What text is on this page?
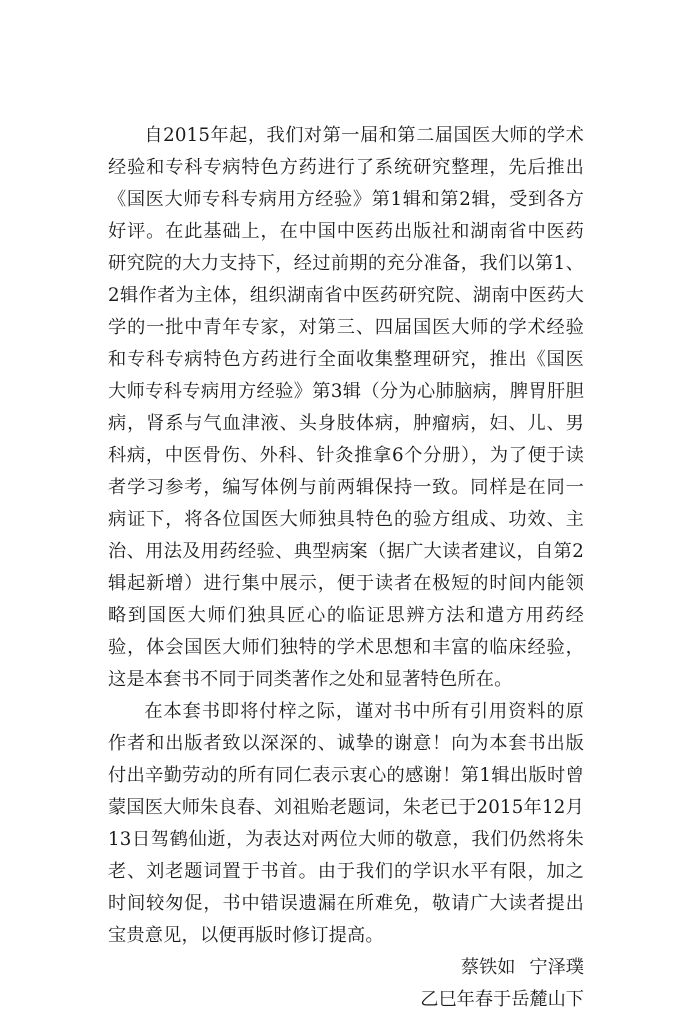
自2015年起，我们对第一届和第二届国医大师的学术经验和专科专病特色方药进行了系统研究整理，先后推出《国医大师专科专病用方经验》第1辑和第2辑，受到各方好评。在此基础上，在中国中医药出版社和湖南省中医药研究院的大力支持下，经过前期的充分准备，我们以第1、2辑作者为主体，组织湖南省中医药研究院、湖南中医药大学的一批中青年专家，对第三、四届国医大师的学术经验和专科专病特色方药进行全面收集整理研究，推出《国医大师专科专病用方经验》第3辑（分为心肺脑病，脾胃肝胆病，肾系与气血津液、头身肢体病，肿瘤病，妇、儿、男科病，中医骨伤、外科、针灸推拿6个分册），为了便于读者学习参考，编写体例与前两辑保持一致。同样是在同一病证下，将各位国医大师独具特色的验方组成、功效、主治、用法及用药经验、典型病案（据广大读者建议，自第2辑起新增）进行集中展示，便于读者在极短的时间内能领略到国医大师们独具匠心的临证思辨方法和遣方用药经验，体会国医大师们独特的学术思想和丰富的临床经验，这是本套书不同于同类著作之处和显著特色所在。

在本套书即将付梓之际，谨对书中所有引用资料的原作者和出版者致以深深的、诚挚的谢意！向为本套书出版付出辛勤劳动的所有同仁表示衷心的感谢！第1辑出版时曾蒙国医大师朱良春、刘祖贻老题词，朱老已于2015年12月13日驾鹤仙逝，为表达对两位大师的敬意，我们仍然将朱老、刘老题词置于书首。由于我们的学识水平有限，加之时间较匆促，书中错误遗漏在所难免，敬请广大读者提出宝贵意见，以便再版时修订提高。

蔡铁如 宁泽璞

乙巳年春于岳麓山下
